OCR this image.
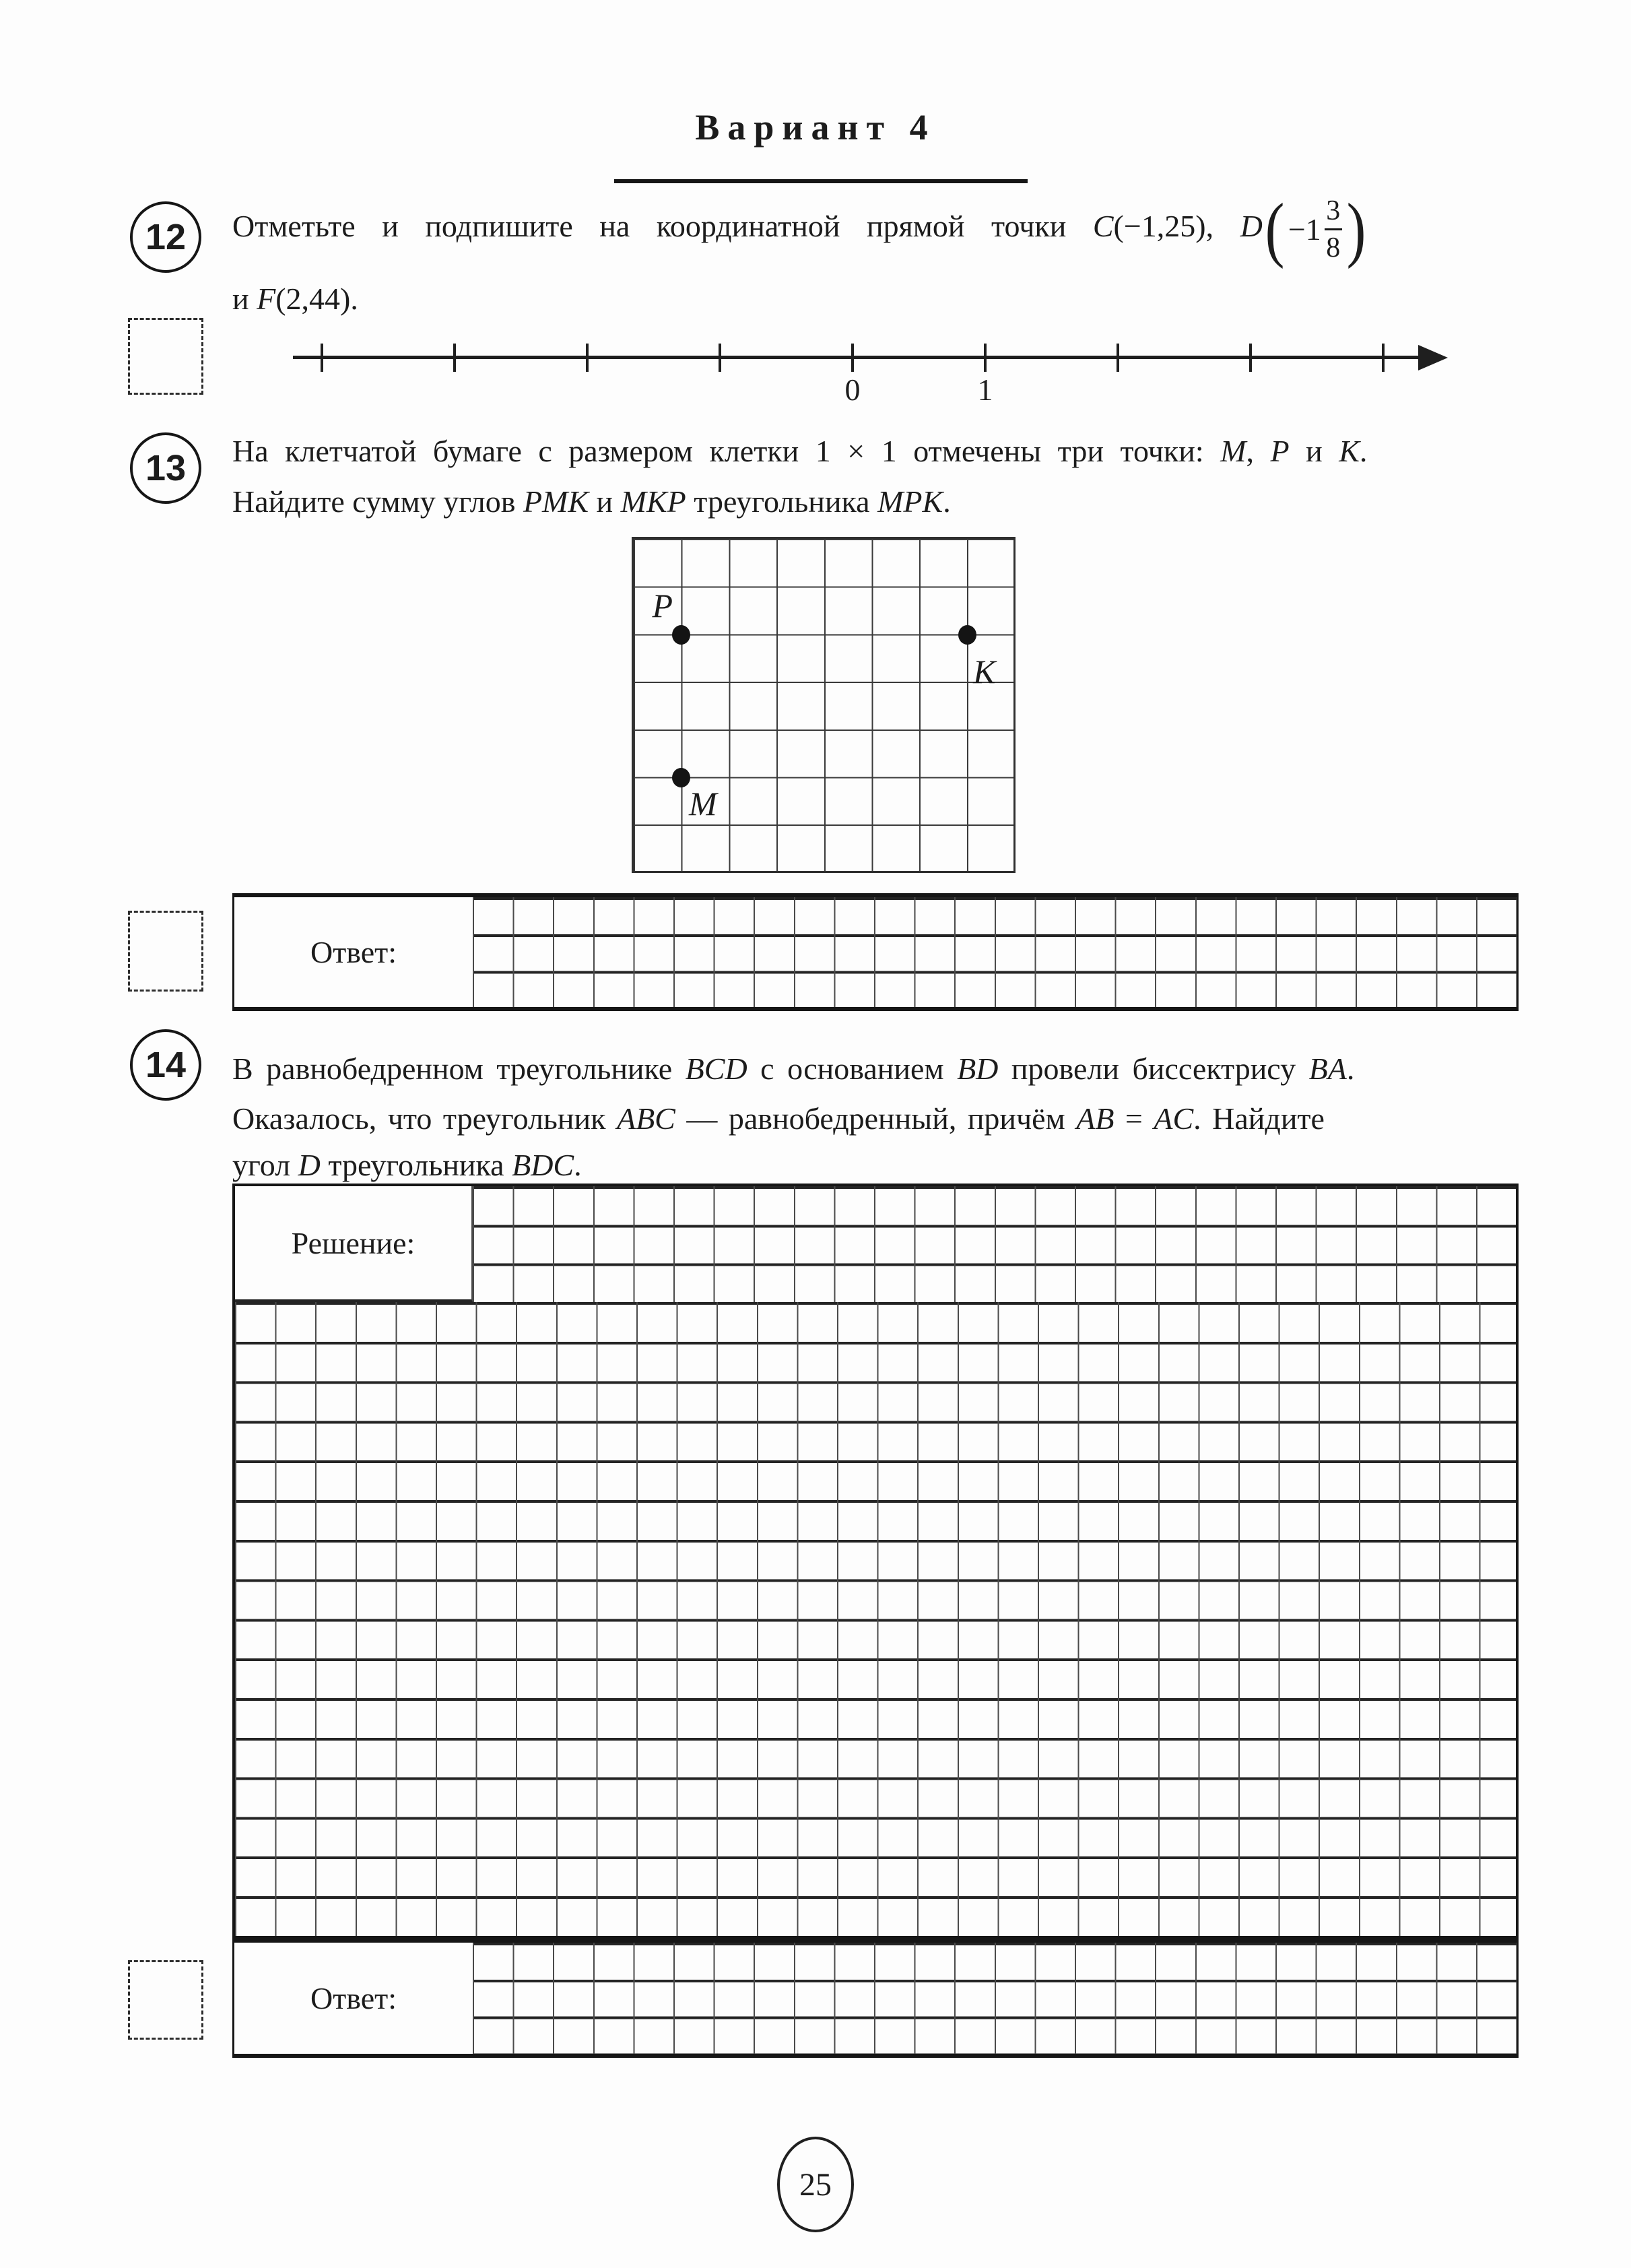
Вариант 4
12 Отметьте и подпишите на координатной прямой точки C(−1,25), D ( −1
3
8 )
и F(2,44).
0	1
13 На клетчатой бумаге с размером клетки 1 × 1 отмечены три точки: M, P и K.
Найдите сумму углов PMK и MKP треугольника MPK.
P
K
M
Ответ:
14 В равнобедренном треугольнике BCD с основанием BD провели биссектрису BA.
Оказалось, что треугольник ABC — равнобедренный, причём AB = AC. Найдите
угол D треугольника BDC.
Решение:
Ответ:
25
